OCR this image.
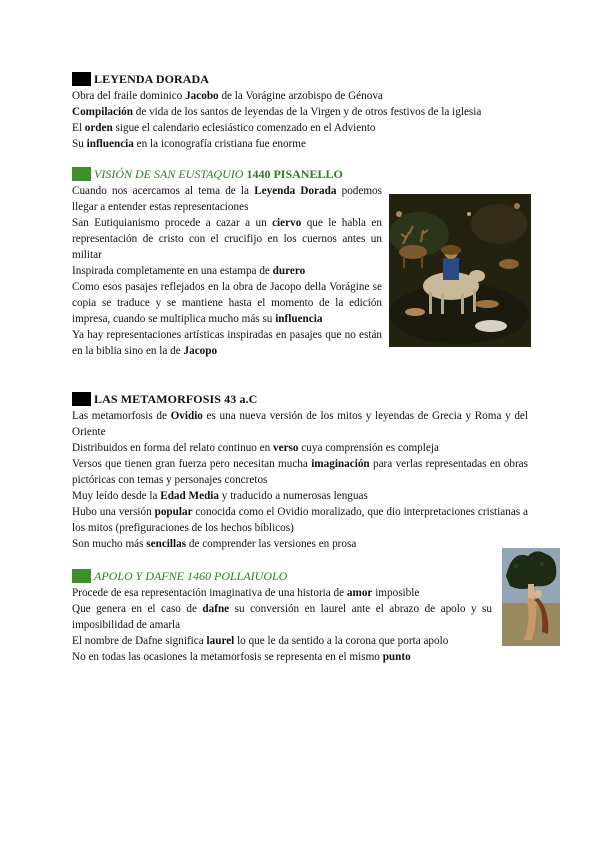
LEYENDA DORADA

Obra del fraile dominico Jacobo de la Vorágine arzobispo de Génova

Compilación de vida de los santos de leyendas de la Virgen y de otros festivos de la iglesia

El orden sigue el calendario eclesiástico comenzado en el Adviento

Su influencia en la iconografía cristiana fue enorme

VISIÓN DE SAN EUSTAQUIO 1440 PISANELLO

Cuando nos acercamos al tema de la Leyenda Dorada podemos llegar a entender estas representaciones

San Eutiquianismo procede a cazar a un ciervo que le habla en representación de cristo con el crucifijo en los cuernos antes un militar

Inspirada completamente en una estampa de durero

Como esos pasajes reflejados en la obra de Jacopo della Vorágine se copia se traduce y se mantiene hasta el momento de la edición impresa, cuando se multiplica mucho más su influencia

Ya hay representaciones artísticas inspiradas en pasajes que no están en la biblia sino en la de Jacopo

LAS METAMORFOSIS 43 a.C

Las metamorfosis de Ovidio es una nueva versión de los mitos y leyendas de Grecia y Roma y del Oriente

Distribuidos en forma del relato continuo en verso cuya comprensión es compleja

Versos que tienen gran fuerza pero necesitan mucha imaginación para verlas representadas en obras pictóricas con temas y personajes concretos

Muy leído desde la Edad Media y traducido a numerosas lenguas

Hubo una versión popular conocida como el Ovidio moralizado, que dio interpretaciones cristianas a los mitos (prefiguraciones de los hechos bíblicos)

Son mucho más sencillas de comprender las versiones en prosa

APOLO Y DAFNE 1460 POLLAIUOLO

Procede de esa representación imaginativa de una historia de amor imposible

Que genera en el caso de dafne su conversión en laurel ante el abrazo de apolo y su imposibilidad de amarla

El nombre de Dafne significa laurel lo que le da sentido a la corona que porta apolo

No en todas las ocasiones la metamorfosis se representa en el mismo punto
